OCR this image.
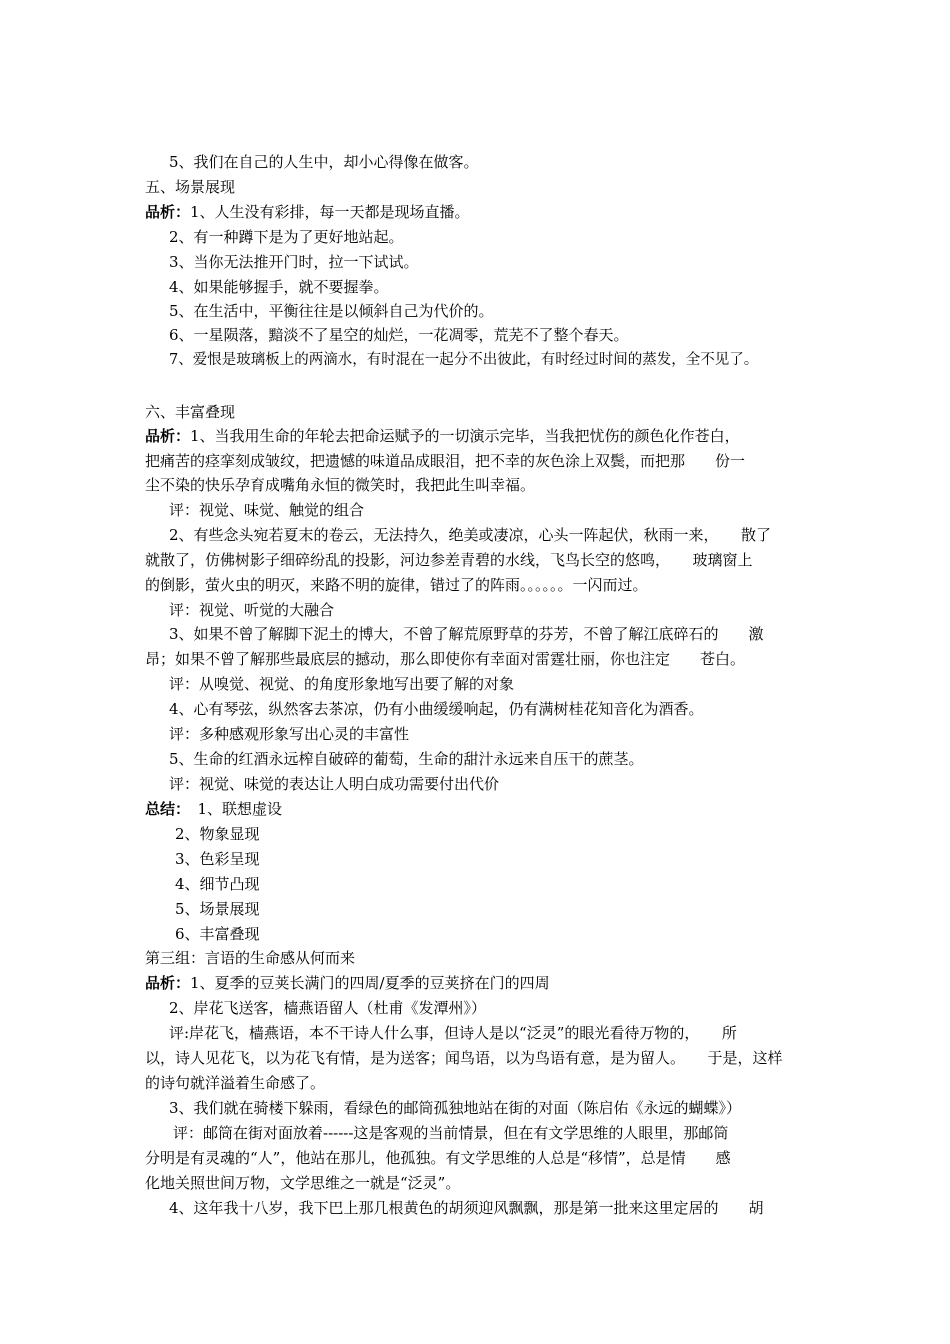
5、我们在自己的人生中，却小心得像在做客。
五、场景展现
品析：1、人生没有彩排，每一天都是现场直播。
2、有一种蹲下是为了更好地站起。
3、当你无法推开门时，拉一下试试。
4、如果能够握手，就不要握拳。
5、在生活中，平衡往往是以倾斜自己为代价的。
6、一星陨落，黯淡不了星空的灿烂，一花凋零，荒芜不了整个春天。
7、爱恨是玻璃板上的两滴水，有时混在一起分不出彼此，有时经过时间的蒸发，全不见了。
六、丰富叠现
品析：1、当我用生命的年轮去把命运赋予的一切演示完毕，当我把忧伤的颜色化作苍白，
把痛苦的痉挛刻成皱纹，把遗憾的味道品成眼泪，把不幸的灰色涂上双鬓，而把那　　份一
尘不染的快乐孕育成嘴角永恒的微笑时，我把此生叫幸福。
评：视觉、味觉、触觉的组合
2、有些念头宛若夏末的卷云，无法持久，绝美或凄凉，心头一阵起伏，秋雨一来，　　散了
就散了，仿佛树影子细碎纷乱的投影，河边参差青碧的水线，飞鸟长空的悠鸣，　　玻璃窗上
的倒影，萤火虫的明灭，来路不明的旋律，错过了的阵雨。。。。。。一闪而过。
评：视觉、听觉的大融合
3、如果不曾了解脚下泥土的博大，不曾了解荒原野草的芬芳，不曾了解江底碎石的　　激
昂；如果不曾了解那些最底层的撼动，那么即使你有幸面对雷霆壮丽，你也注定　　苍白。
评：从嗅觉、视觉、的角度形象地写出要了解的对象
4、心有琴弦，纵然客去茶凉，仍有小曲缓缓响起，仍有满树桂花知音化为酒香。
评：多种感观形象写出心灵的丰富性
5、生命的红酒永远榨自破碎的葡萄，生命的甜汁永远来自压干的蔗茎。
评：视觉、味觉的表达让人明白成功需要付出代价
总结：　1、联想虚设
2、物象显现
3、色彩呈现
4、细节凸现
5、场景展现
6、丰富叠现
第三组：言语的生命感从何而来
品析：1、夏季的豆荚长满门的四周/夏季的豆荚挤在门的四周
2、岸花飞送客，樯燕语留人（杜甫《发潭州》）
评:岸花飞，樯燕语，本不干诗人什么事，但诗人是以“泛灵”的眼光看待万物的，　　所
以，诗人见花飞，以为花飞有情，是为送客；闻鸟语，以为鸟语有意，是为留人。　　于是，这样
的诗句就洋溢着生命感了。
3、我们就在骑楼下躲雨，看绿色的邮筒孤独地站在街的对面（陈启佑《永远的蝴蝶》）
评：邮筒在街对面放着------这是客观的当前情景，但在有文学思维的人眼里，那邮筒
分明是有灵魂的“人”，他站在那儿，他孤独。有文学思维的人总是“移情”，总是情　　感
化地关照世间万物，文学思维之一就是“泛灵”。
4、这年我十八岁，我下巴上那几根黄色的胡须迎风飘飘，那是第一批来这里定居的　　胡
